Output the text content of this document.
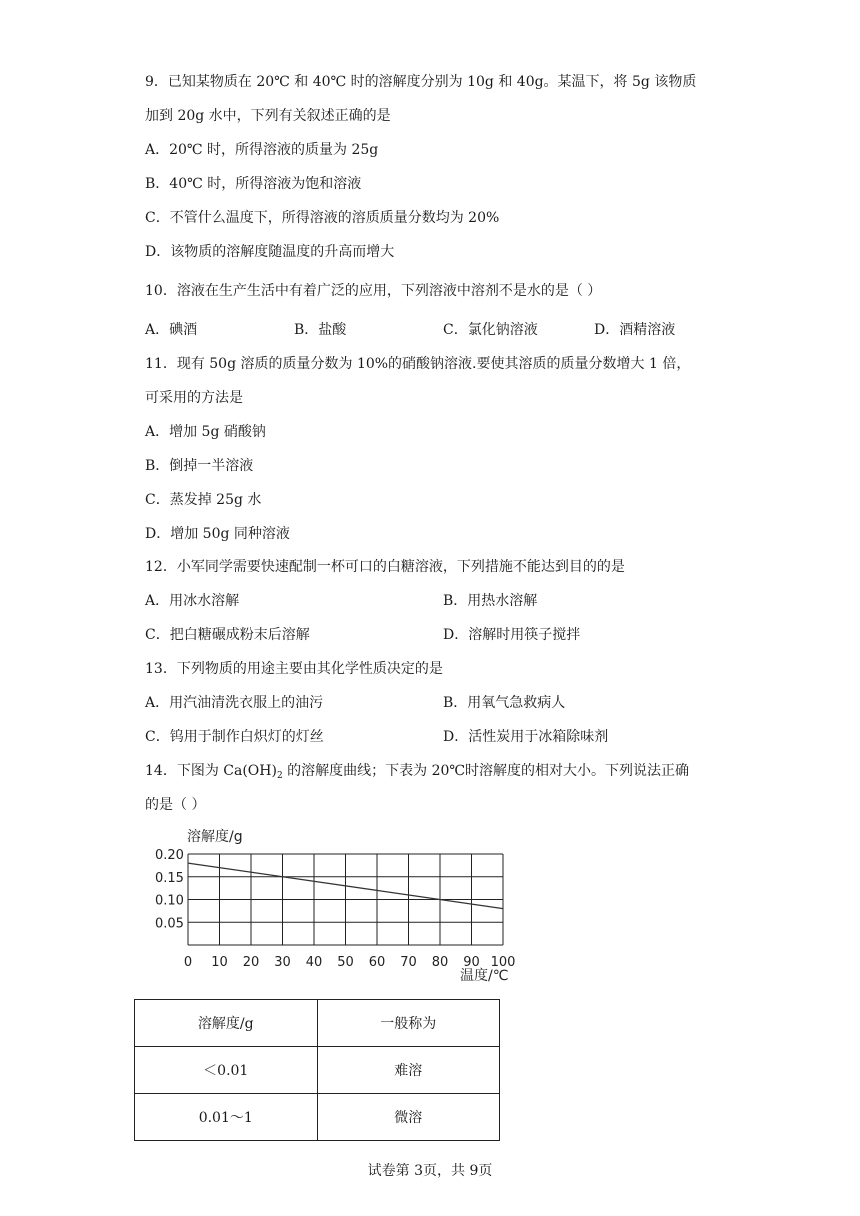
9．已知某物质在 20℃ 和 40℃ 时的溶解度分别为 10g 和 40g。某温下，将 5g 该物质
加到 20g 水中，下列有关叙述正确的是
A．20℃ 时，所得溶液的质量为 25g
B．40℃ 时，所得溶液为饱和溶液
C．不管什么温度下，所得溶液的溶质质量分数均为 20%
D．该物质的溶解度随温度的升高而增大
10．溶液在生产生活中有着广泛的应用，下列溶液中溶剂不是水的是（ ）
A．碘酒	B．盐酸	C．氯化钠溶液	D．酒精溶液
11．现有 50g 溶质的质量分数为 10%的硝酸钠溶液.要使其溶质的质量分数增大 1 倍，
可采用的方法是
A．增加 5g 硝酸钠
B．倒掉一半溶液
C．蒸发掉 25g 水
D．增加 50g 同种溶液
12．小军同学需要快速配制一杯可口的白糖溶液，下列措施不能达到目的的是
A．用冰水溶解	B．用热水溶解
C．把白糖碾成粉末后溶解	D．溶解时用筷子搅拌
13．下列物质的用途主要由其化学性质决定的是
A．用汽油清洗衣服上的油污	B．用氧气急救病人
C．钨用于制作白炽灯的灯丝	D．活性炭用于冰箱除味剂
14．下图为 $Ca(OH)_2$ 的溶解度曲线；下表为 20℃时溶解度的相对大小。下列说法正确
的是（ ）
溶解度/g
0.20
0.15
0.10
0.05
0 10 20 30 40 50 60 70 80 90 100
温度/℃
溶解度/g	一般称为
＜0.01	难溶
0.01～1	微溶
试卷第 3页，共 9页
